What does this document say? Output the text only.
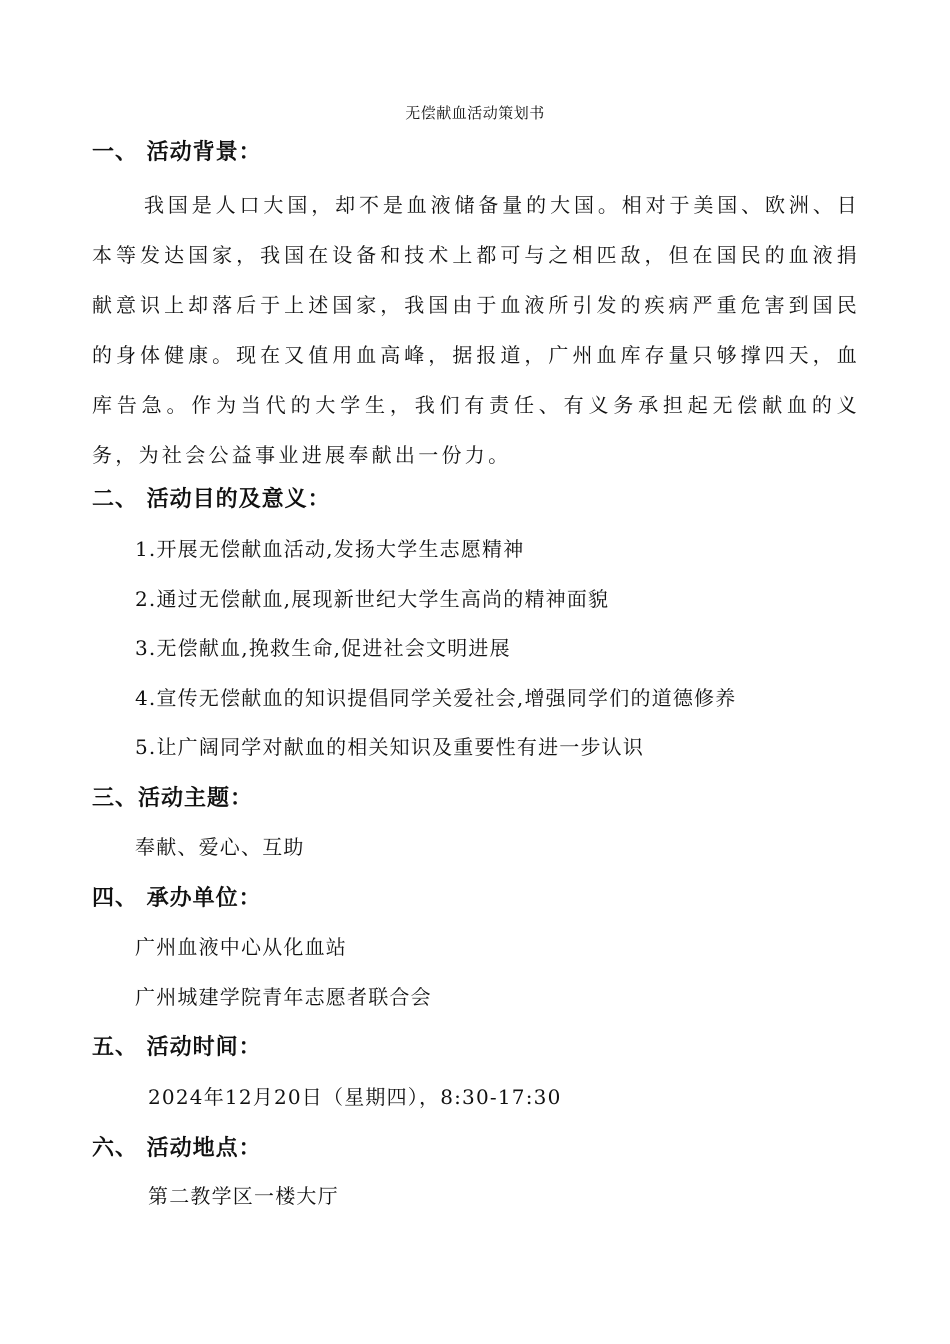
无偿献血活动策划书
一、 活动背景：
我国是人口大国，却不是血液储备量的大国。相对于美国、欧洲、日本等发达国家，我国在设备和技术上都可与之相匹敌，但在国民的血液捐献意识上却落后于上述国家，我国由于血液所引发的疾病严重危害到国民的身体健康。现在又值用血高峰，据报道，广州血库存量只够撑四天，血库告急。作为当代的大学生，我们有责任、有义务承担起无偿献血的义务，为社会公益事业进展奉献出一份力。
二、 活动目的及意义：
1.开展无偿献血活动,发扬大学生志愿精神
2.通过无偿献血,展现新世纪大学生高尚的精神面貌
3.无偿献血,挽救生命,促进社会文明进展
4.宣传无偿献血的知识提倡同学关爱社会,增强同学们的道德修养
5.让广阔同学对献血的相关知识及重要性有进一步认识
三、活动主题：
奉献、爱心、互助
四、 承办单位：
广州血液中心从化血站
广州城建学院青年志愿者联合会
五、 活动时间：
2024年12月20日（星期四），8:30-17:30
六、 活动地点：
第二教学区一楼大厅
